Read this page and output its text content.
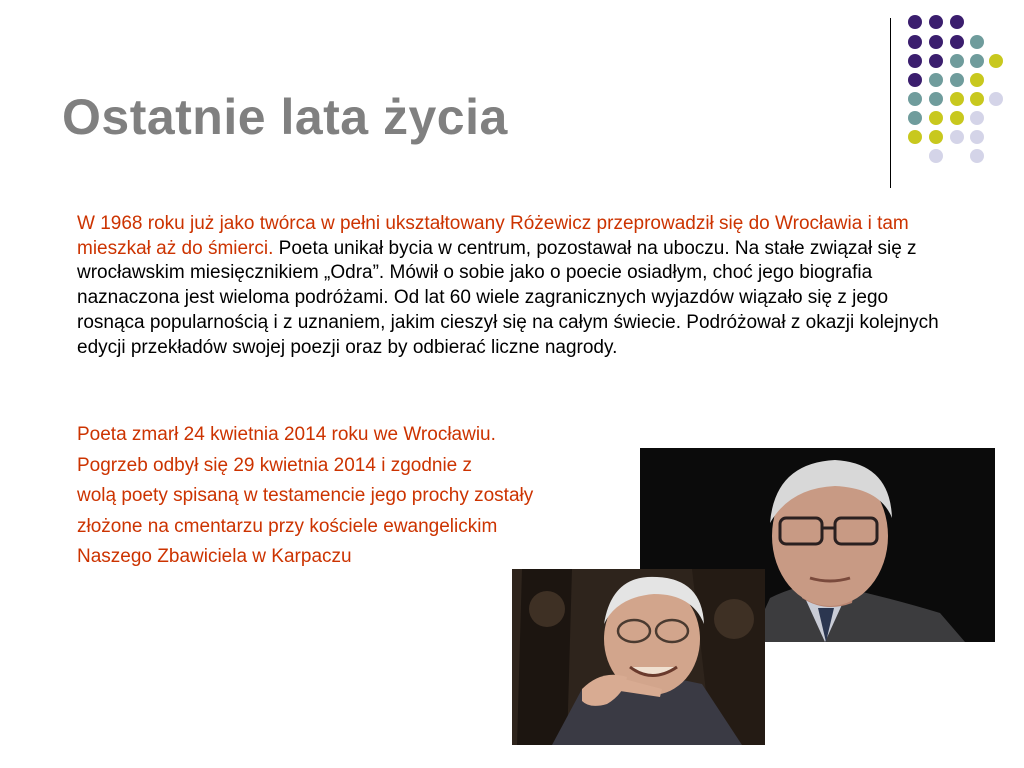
Ostatnie lata życia
W 1968 roku już jako twórca w pełni ukształtowany Różewicz przeprowadził się do Wrocławia i tam mieszkał aż do śmierci. Poeta unikał bycia w centrum, pozostawał na uboczu. Na stałe związał się z wrocławskim miesięcznikiem „Odra”. Mówił o sobie jako o poecie osiadłym, choć jego biografia naznaczona jest wieloma podróżami. Od lat 60 wiele zagranicznych wyjazdów wiązało się z jego rosnąca popularnością i z uznaniem, jakim cieszył się na całym świecie. Podróżował z okazji kolejnych edycji przekładów swojej poezji oraz by odbierać liczne nagrody.
Poeta zmarł 24 kwietnia 2014 roku we Wrocławiu.
Pogrzeb odbył się 29 kwietnia 2014 i zgodnie z
wolą poety spisaną w testamencie jego prochy zostały
złożone na cmentarzu przy kościele ewangelickim
Naszego Zbawiciela w Karpaczu
